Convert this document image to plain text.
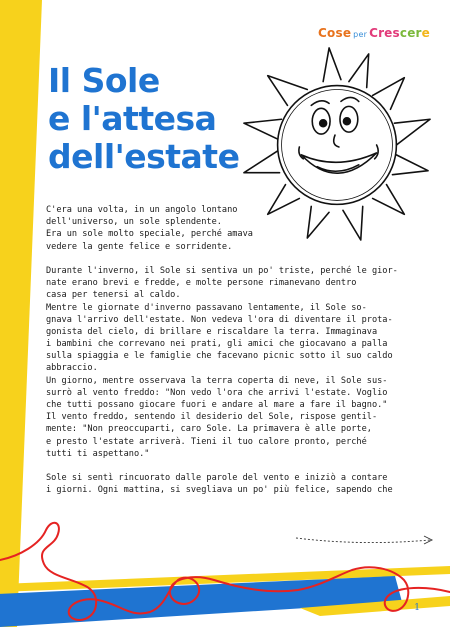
Cose per Crescere
Il Sole
e l'attesa
dell'estate
C'era una volta, in un angolo lontano
dell'universo, un sole splendente.
Era un sole molto speciale, perché amava
vedere la gente felice e sorridente.
Durante l'inverno, il Sole si sentiva un po' triste, perché le gior-
nate erano brevi e fredde, e molte persone rimanevano dentro
casa per tenersi al caldo.
Mentre le giornate d'inverno passavano lentamente, il Sole so-
gnava l'arrivo dell'estate. Non vedeva l'ora di diventare il prota-
gonista del cielo, di brillare e riscaldare la terra. Immaginava
i bambini che correvano nei prati, gli amici che giocavano a palla
sulla spiaggia e le famiglie che facevano picnic sotto il suo caldo
abbraccio.
Un giorno, mentre osservava la terra coperta di neve, il Sole sus-
surrò al vento freddo: "Non vedo l'ora che arrivi l'estate. Voglio
che tutti possano giocare fuori e andare al mare a fare il bagno."
Il vento freddo, sentendo il desiderio del Sole, rispose gentil-
mente: "Non preoccuparti, caro Sole. La primavera è alle porte,
e presto l'estate arriverà. Tieni il tuo calore pronto, perché
tutti ti aspettano."
Sole si sentì rincuorato dalle parole del vento e iniziò a contare
i giorni. Ogni mattina, si svegliava un po' più felice, sapendo che
1
